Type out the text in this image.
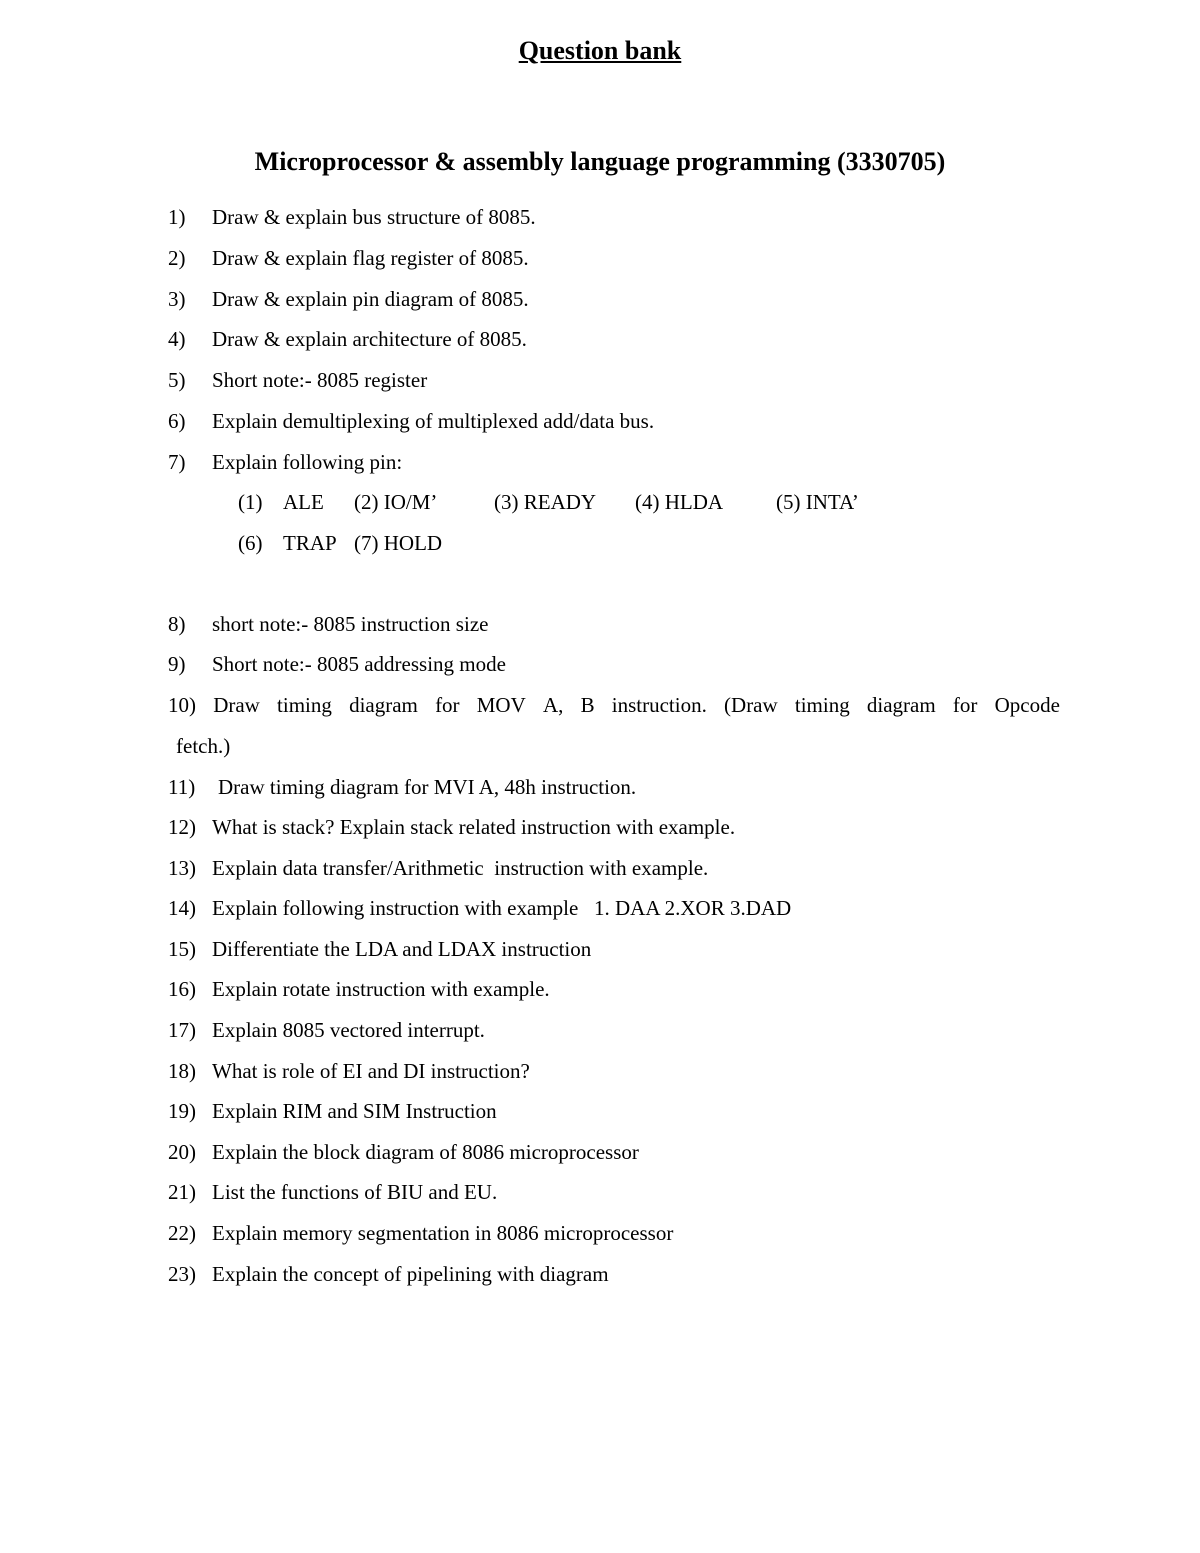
Question bank
Microprocessor & assembly language programming (3330705)
1) Draw & explain bus structure of 8085.
2) Draw & explain flag register of 8085.
3) Draw & explain pin diagram of 8085.
4) Draw & explain architecture of 8085.
5) Short note:- 8085 register
6) Explain demultiplexing of multiplexed add/data bus.
7) Explain following pin:
(1) ALE (2) IO/M’	(3) READY (4) HLDA	(5) INTA’
(6) TRAP (7) HOLD
8) short note:- 8085 instruction size
9) Short note:- 8085 addressing mode
10) Draw timing diagram for MOV A, B instruction. (Draw timing diagram for Opcode
fetch.)
11) Draw timing diagram for MVI A, 48h instruction.
12) What is stack? Explain stack related instruction with example.
13) Explain data transfer/Arithmetic  instruction with example.
14) Explain following instruction with example   1. DAA 2.XOR 3.DAD
15) Differentiate the LDA and LDAX instruction
16) Explain rotate instruction with example.
17) Explain 8085 vectored interrupt.
18) What is role of EI and DI instruction?
19) Explain RIM and SIM Instruction
20) Explain the block diagram of 8086 microprocessor
21) List the functions of BIU and EU.
22) Explain memory segmentation in 8086 microprocessor
23) Explain the concept of pipelining with diagram
